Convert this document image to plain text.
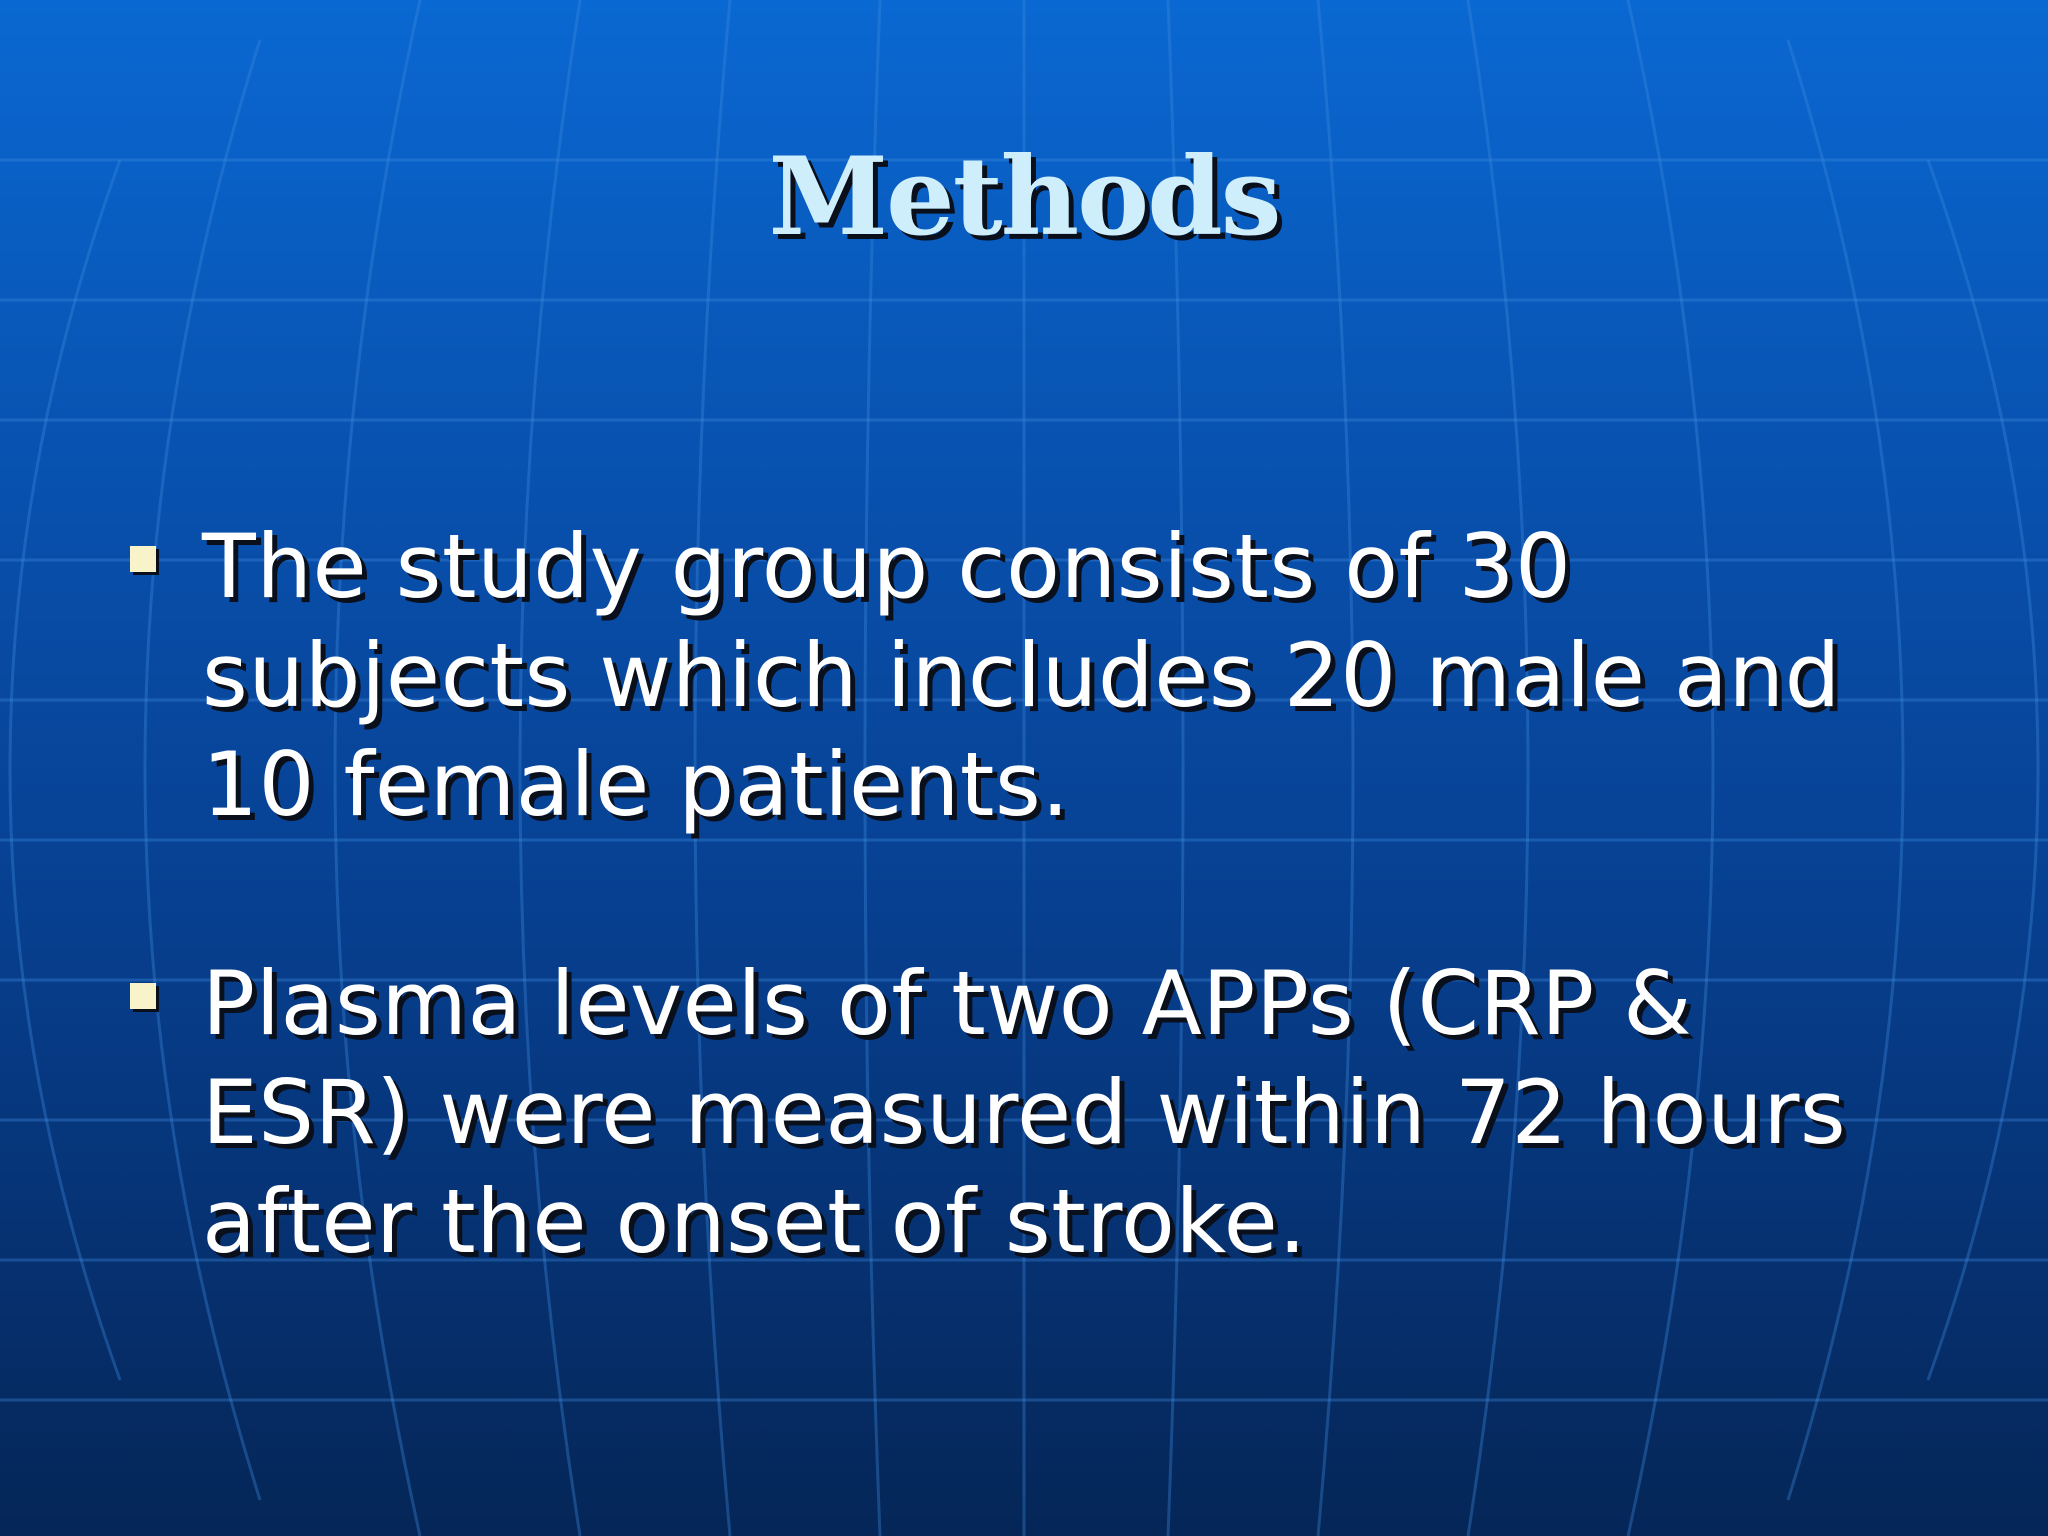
Methods
The study group consists of 30
subjects which includes 20 male and
10 female patients.
Plasma levels of two APPs (CRP &
ESR) were measured within 72 hours
after the onset of stroke.
